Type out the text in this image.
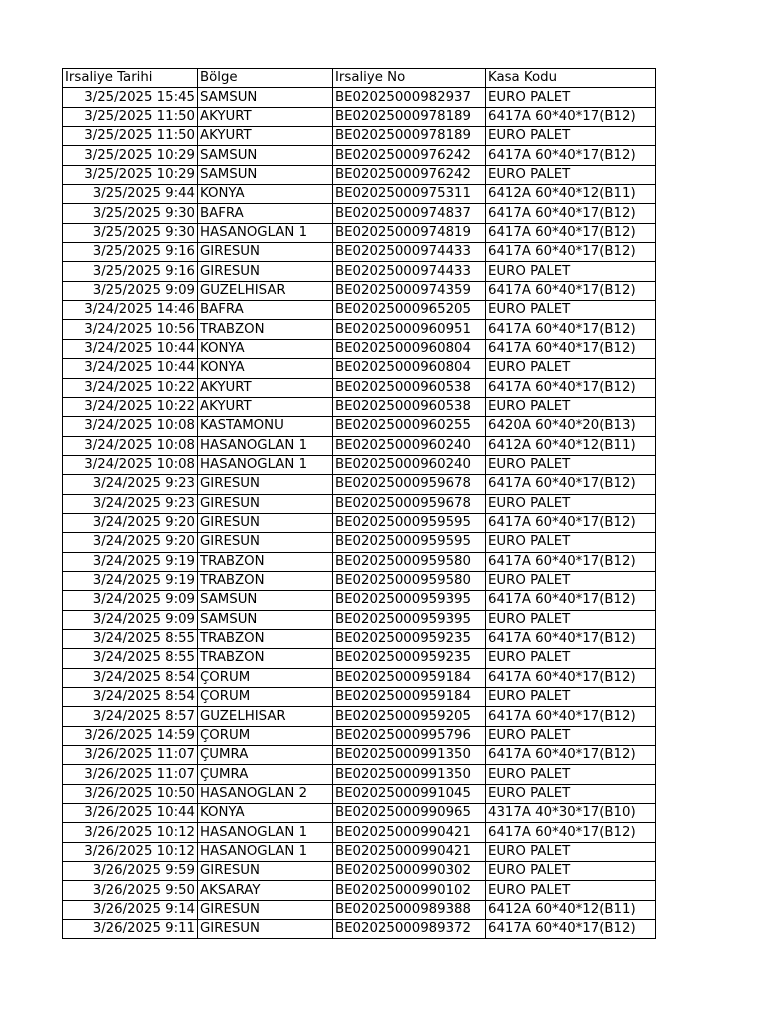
Irsaliye Tarihi	Bölge	Irsaliye No	Kasa Kodu
3/25/2025 15:45	SAMSUN	BE02025000982937	EURO PALET
3/25/2025 11:50	AKYURT	BE02025000978189	6417A 60*40*17(B12)
3/25/2025 11:50	AKYURT	BE02025000978189	EURO PALET
3/25/2025 10:29	SAMSUN	BE02025000976242	6417A 60*40*17(B12)
3/25/2025 10:29	SAMSUN	BE02025000976242	EURO PALET
3/25/2025 9:44	KONYA	BE02025000975311	6412A 60*40*12(B11)
3/25/2025 9:30	BAFRA	BE02025000974837	6417A 60*40*17(B12)
3/25/2025 9:30	HASANOGLAN 1	BE02025000974819	6417A 60*40*17(B12)
3/25/2025 9:16	GIRESUN	BE02025000974433	6417A 60*40*17(B12)
3/25/2025 9:16	GIRESUN	BE02025000974433	EURO PALET
3/25/2025 9:09	GUZELHISAR	BE02025000974359	6417A 60*40*17(B12)
3/24/2025 14:46	BAFRA	BE02025000965205	EURO PALET
3/24/2025 10:56	TRABZON	BE02025000960951	6417A 60*40*17(B12)
3/24/2025 10:44	KONYA	BE02025000960804	6417A 60*40*17(B12)
3/24/2025 10:44	KONYA	BE02025000960804	EURO PALET
3/24/2025 10:22	AKYURT	BE02025000960538	6417A 60*40*17(B12)
3/24/2025 10:22	AKYURT	BE02025000960538	EURO PALET
3/24/2025 10:08	KASTAMONU	BE02025000960255	6420A 60*40*20(B13)
3/24/2025 10:08	HASANOGLAN 1	BE02025000960240	6412A 60*40*12(B11)
3/24/2025 10:08	HASANOGLAN 1	BE02025000960240	EURO PALET
3/24/2025 9:23	GIRESUN	BE02025000959678	6417A 60*40*17(B12)
3/24/2025 9:23	GIRESUN	BE02025000959678	EURO PALET
3/24/2025 9:20	GIRESUN	BE02025000959595	6417A 60*40*17(B12)
3/24/2025 9:20	GIRESUN	BE02025000959595	EURO PALET
3/24/2025 9:19	TRABZON	BE02025000959580	6417A 60*40*17(B12)
3/24/2025 9:19	TRABZON	BE02025000959580	EURO PALET
3/24/2025 9:09	SAMSUN	BE02025000959395	6417A 60*40*17(B12)
3/24/2025 9:09	SAMSUN	BE02025000959395	EURO PALET
3/24/2025 8:55	TRABZON	BE02025000959235	6417A 60*40*17(B12)
3/24/2025 8:55	TRABZON	BE02025000959235	EURO PALET
3/24/2025 8:54	ÇORUM	BE02025000959184	6417A 60*40*17(B12)
3/24/2025 8:54	ÇORUM	BE02025000959184	EURO PALET
3/24/2025 8:57	GUZELHISAR	BE02025000959205	6417A 60*40*17(B12)
3/26/2025 14:59	ÇORUM	BE02025000995796	EURO PALET
3/26/2025 11:07	ÇUMRA	BE02025000991350	6417A 60*40*17(B12)
3/26/2025 11:07	ÇUMRA	BE02025000991350	EURO PALET
3/26/2025 10:50	HASANOGLAN 2	BE02025000991045	EURO PALET
3/26/2025 10:44	KONYA	BE02025000990965	4317A 40*30*17(B10)
3/26/2025 10:12	HASANOGLAN 1	BE02025000990421	6417A 60*40*17(B12)
3/26/2025 10:12	HASANOGLAN 1	BE02025000990421	EURO PALET
3/26/2025 9:59	GIRESUN	BE02025000990302	EURO PALET
3/26/2025 9:50	AKSARAY	BE02025000990102	EURO PALET
3/26/2025 9:14	GIRESUN	BE02025000989388	6412A 60*40*12(B11)
3/26/2025 9:11	GIRESUN	BE02025000989372	6417A 60*40*17(B12)
